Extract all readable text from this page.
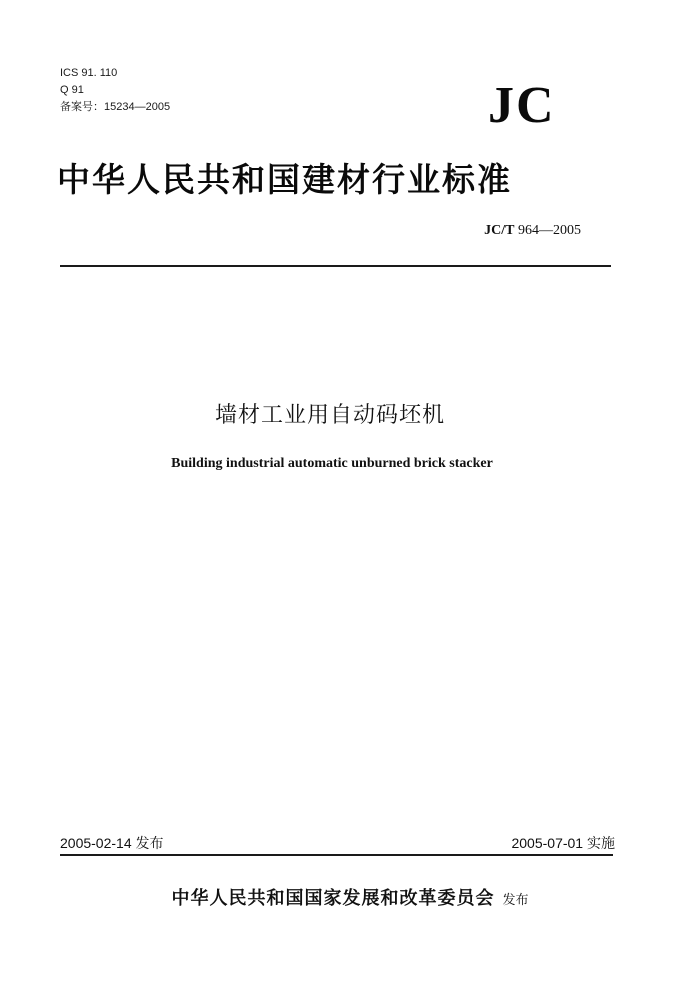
ICS 91. 110
Q 91
备案号：15234—2005	JC
中华人民共和国建材行业标准
JC/T 964—2005
墙材工业用自动码坯机
Building industrial automatic unburned brick stacker
2005-02-14 发布	2005-07-01 实施
中华人民共和国国家发展和改革委员会 发布
